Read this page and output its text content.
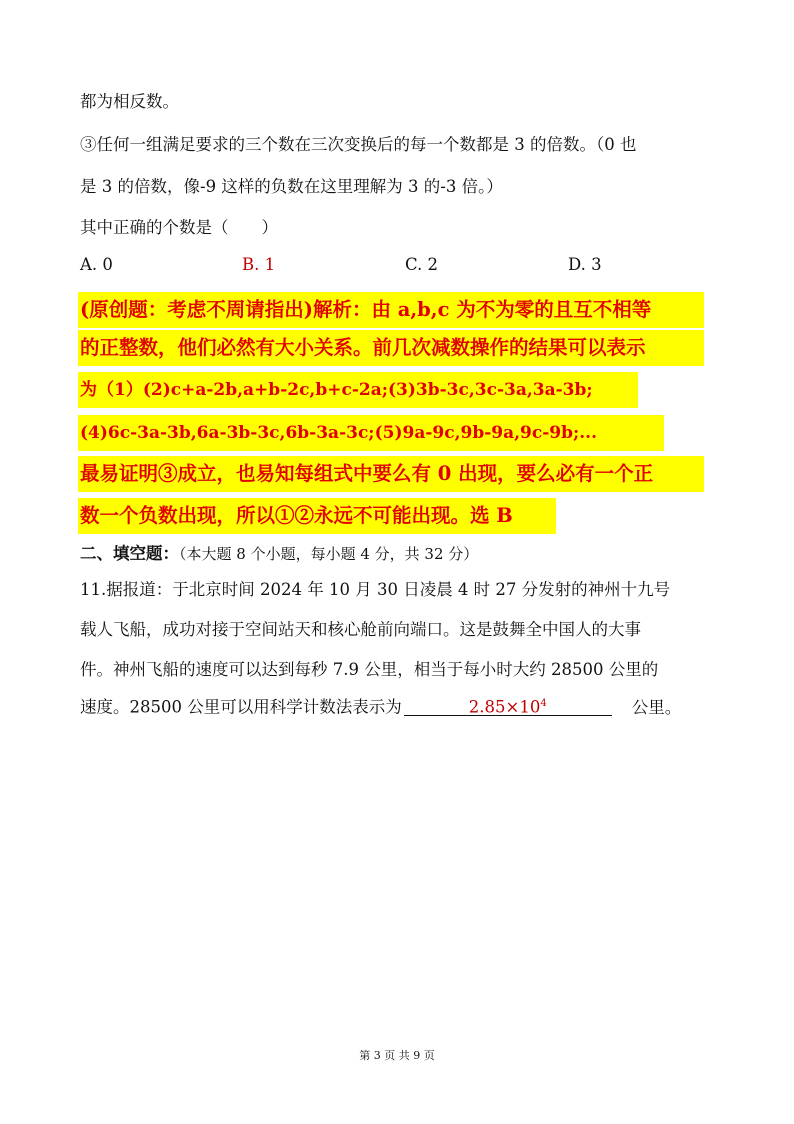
都为相反数。
③任何一组满足要求的三个数在三次变换后的每一个数都是 3 的倍数。（0 也
是 3 的倍数，像-9 这样的负数在这里理解为 3 的-3 倍。）
其中正确的个数是（　　）
A. 0	B. 1	C. 2	D. 3
(原创题：考虑不周请指出)解析：由 a,b,c 为不为零的且互不相等
的正整数，他们必然有大小关系。前几次减数操作的结果可以表示
为（1）(2)c+a-2b,a+b-2c,b+c-2a;(3)3b-3c,3c-3a,3a-3b;
(4)6c-3a-3b,6a-3b-3c,6b-3a-3c;(5)9a-9c,9b-9a,9c-9b;...
最易证明③成立，也易知每组式中要么有 0 出现，要么必有一个正
数一个负数出现，所以①②永远不可能出现。选 B
二、填空题：（本大题 8 个小题，每小题 4 分，共 32 分）
11.据报道：于北京时间 2024 年 10 月 30 日凌晨 4 时 27 分发射的神州十九号
载人飞船，成功对接于空间站天和核心舱前向端口。这是鼓舞全中国人的大事
件。神州飞船的速度可以达到每秒 7.9 公里，相当于每小时大约 28500 公里的
速度。28500 公里可以用科学计数法表示为	$2.85\times 10^4$	公里。
第 3 页 共 9 页
